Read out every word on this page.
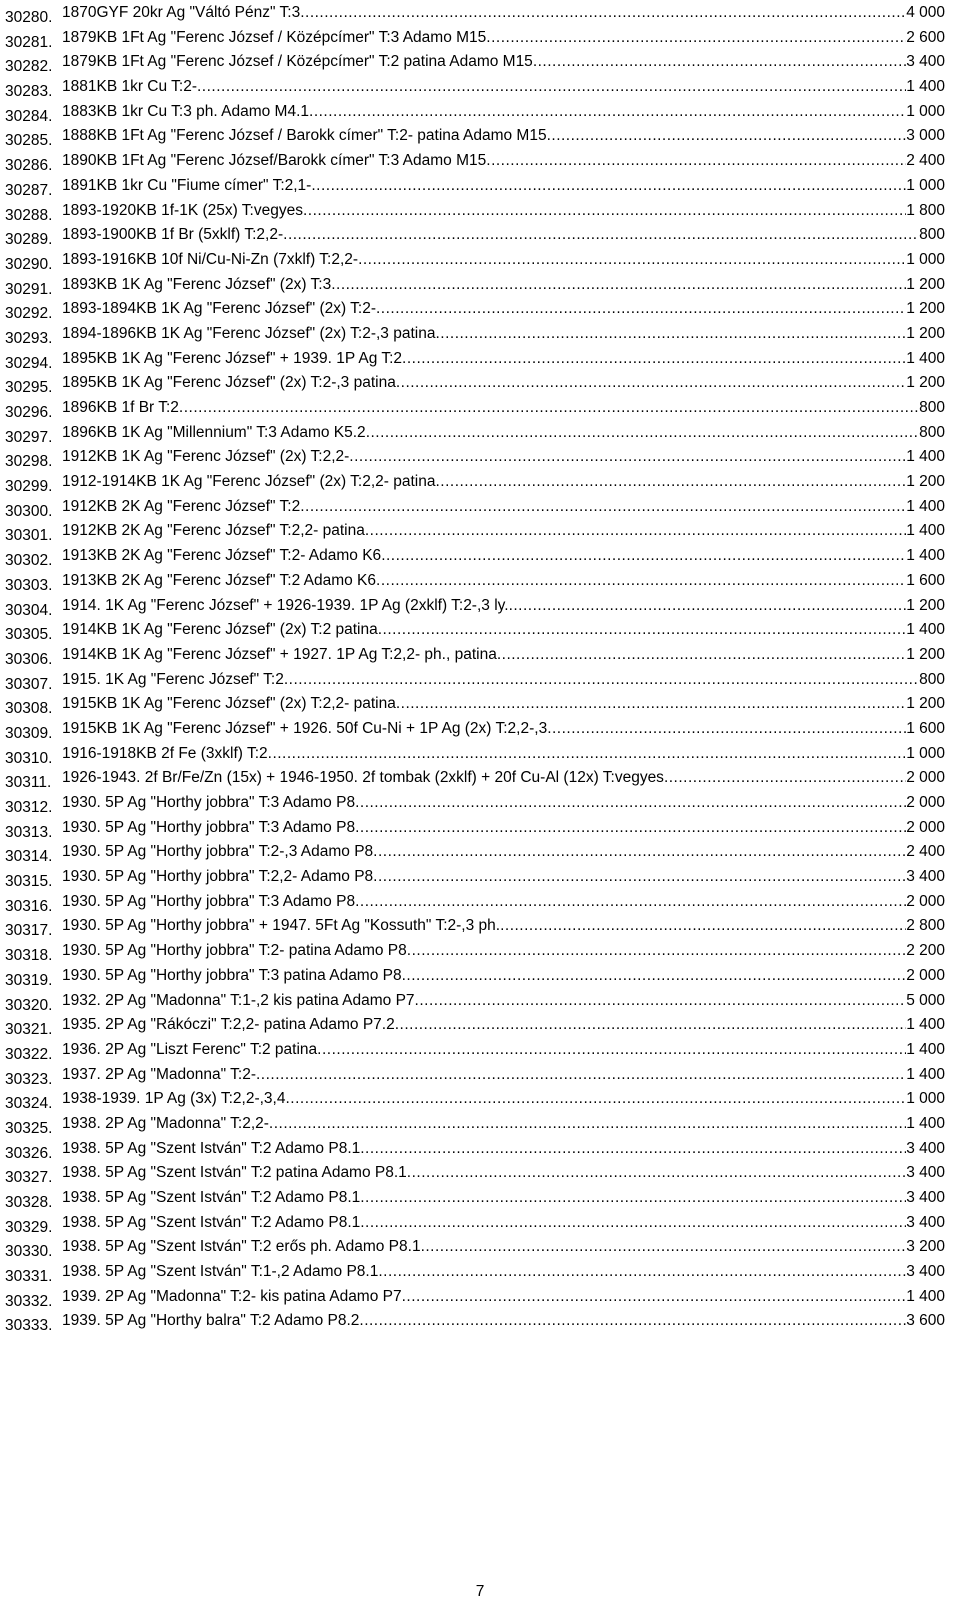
30280. 1870GYF 20kr Ag "Váltó Pénz" T:3 .....	4 000
30281. 1879KB 1Ft Ag "Ferenc József / Középcímer" T:3 Adamo M15 .....	2 600
30282. 1879KB 1Ft Ag "Ferenc József / Középcímer" T:2 patina Adamo M15 .....	3 400
30283. 1881KB 1kr Cu T:2- .....	1 400
30284. 1883KB 1kr Cu T:3 ph. Adamo M4.1 .....	1 000
30285. 1888KB 1Ft Ag "Ferenc József / Barokk címer" T:2- patina Adamo M15 .....	3 000
30286. 1890KB 1Ft Ag "Ferenc József/Barokk címer" T:3 Adamo M15 .....	2 400
30287. 1891KB 1kr Cu "Fiume címer" T:2,1- .....	1 000
30288. 1893-1920KB 1f-1K (25x) T:vegyes .....	1 800
30289. 1893-1900KB 1f Br (5xklf) T:2,2- .....	800
30290. 1893-1916KB 10f Ni/Cu-Ni-Zn (7xklf) T:2,2- .....	1 000
30291. 1893KB 1K Ag "Ferenc József" (2x) T:3 .....	1 200
30292. 1893-1894KB 1K Ag "Ferenc József" (2x) T:2- .....	1 200
30293. 1894-1896KB 1K Ag "Ferenc József" (2x) T:2-,3 patina .....	1 200
30294. 1895KB 1K Ag "Ferenc József" + 1939. 1P Ag T:2 .....	1 400
30295. 1895KB 1K Ag "Ferenc József" (2x) T:2-,3 patina .....	1 200
30296. 1896KB 1f Br T:2 .....	800
30297. 1896KB 1K Ag "Millennium" T:3 Adamo K5.2 .....	800
30298. 1912KB 1K Ag "Ferenc József" (2x) T:2,2- .....	1 400
30299. 1912-1914KB 1K Ag "Ferenc József" (2x) T:2,2- patina .....	1 200
30300. 1912KB 2K Ag "Ferenc József" T:2 .....	1 400
30301. 1912KB 2K Ag "Ferenc József" T:2,2- patina .....	1 400
30302. 1913KB 2K Ag "Ferenc József" T:2- Adamo K6 .....	1 400
30303. 1913KB 2K Ag "Ferenc József" T:2 Adamo K6 .....	1 600
30304. 1914. 1K Ag "Ferenc József" + 1926-1939. 1P Ag (2xklf) T:2-,3 ly. .....	1 200
30305. 1914KB 1K Ag "Ferenc József" (2x) T:2 patina .....	1 400
30306. 1914KB 1K Ag "Ferenc József" + 1927. 1P Ag T:2,2- ph., patina .....	1 200
30307. 1915. 1K Ag "Ferenc József" T:2 .....	800
30308. 1915KB 1K Ag "Ferenc József" (2x) T:2,2- patina .....	1 200
30309. 1915KB 1K Ag "Ferenc József" + 1926. 50f Cu-Ni + 1P Ag (2x) T:2,2-,3 .....	1 600
30310. 1916-1918KB 2f Fe (3xklf) T:2 .....	1 000
30311. 1926-1943. 2f Br/Fe/Zn (15x) + 1946-1950. 2f tombak (2xklf) + 20f Cu-Al (12x) T:vegyes .....	2 000
30312. 1930. 5P Ag "Horthy jobbra" T:3 Adamo P8 .....	2 000
30313. 1930. 5P Ag "Horthy jobbra" T:3 Adamo P8 .....	2 000
30314. 1930. 5P Ag "Horthy jobbra" T:2-,3 Adamo P8 .....	2 400
30315. 1930. 5P Ag "Horthy jobbra" T:2,2- Adamo P8 .....	3 400
30316. 1930. 5P Ag "Horthy jobbra" T:3 Adamo P8 .....	2 000
30317. 1930. 5P Ag "Horthy jobbra" + 1947. 5Ft Ag "Kossuth" T:2-,3 ph. .....	2 800
30318. 1930. 5P Ag "Horthy jobbra" T:2- patina Adamo P8 .....	2 200
30319. 1930. 5P Ag "Horthy jobbra" T:3 patina Adamo P8 .....	2 000
30320. 1932. 2P Ag "Madonna" T:1-,2 kis patina Adamo P7 .....	5 000
30321. 1935. 2P Ag "Rákóczi" T:2,2- patina Adamo P7.2 .....	1 400
30322. 1936. 2P Ag "Liszt Ferenc" T:2 patina .....	1 400
30323. 1937. 2P Ag "Madonna" T:2- .....	1 400
30324. 1938-1939. 1P Ag (3x) T:2,2-,3,4 .....	1 000
30325. 1938. 2P Ag "Madonna" T:2,2- .....	1 400
30326. 1938. 5P Ag "Szent István" T:2 Adamo P8.1 .....	3 400
30327. 1938. 5P Ag "Szent István" T:2 patina Adamo P8.1 .....	3 400
30328. 1938. 5P Ag "Szent István" T:2 Adamo P8.1 .....	3 400
30329. 1938. 5P Ag "Szent István" T:2 Adamo P8.1 .....	3 400
30330. 1938. 5P Ag "Szent István" T:2 erős ph. Adamo P8.1 .....	3 200
30331. 1938. 5P Ag "Szent István" T:1-,2 Adamo P8.1 .....	3 400
30332. 1939. 2P Ag "Madonna" T:2- kis patina Adamo P7 .....	1 400
30333. 1939. 5P Ag "Horthy balra" T:2 Adamo P8.2 .....	3 600
7
